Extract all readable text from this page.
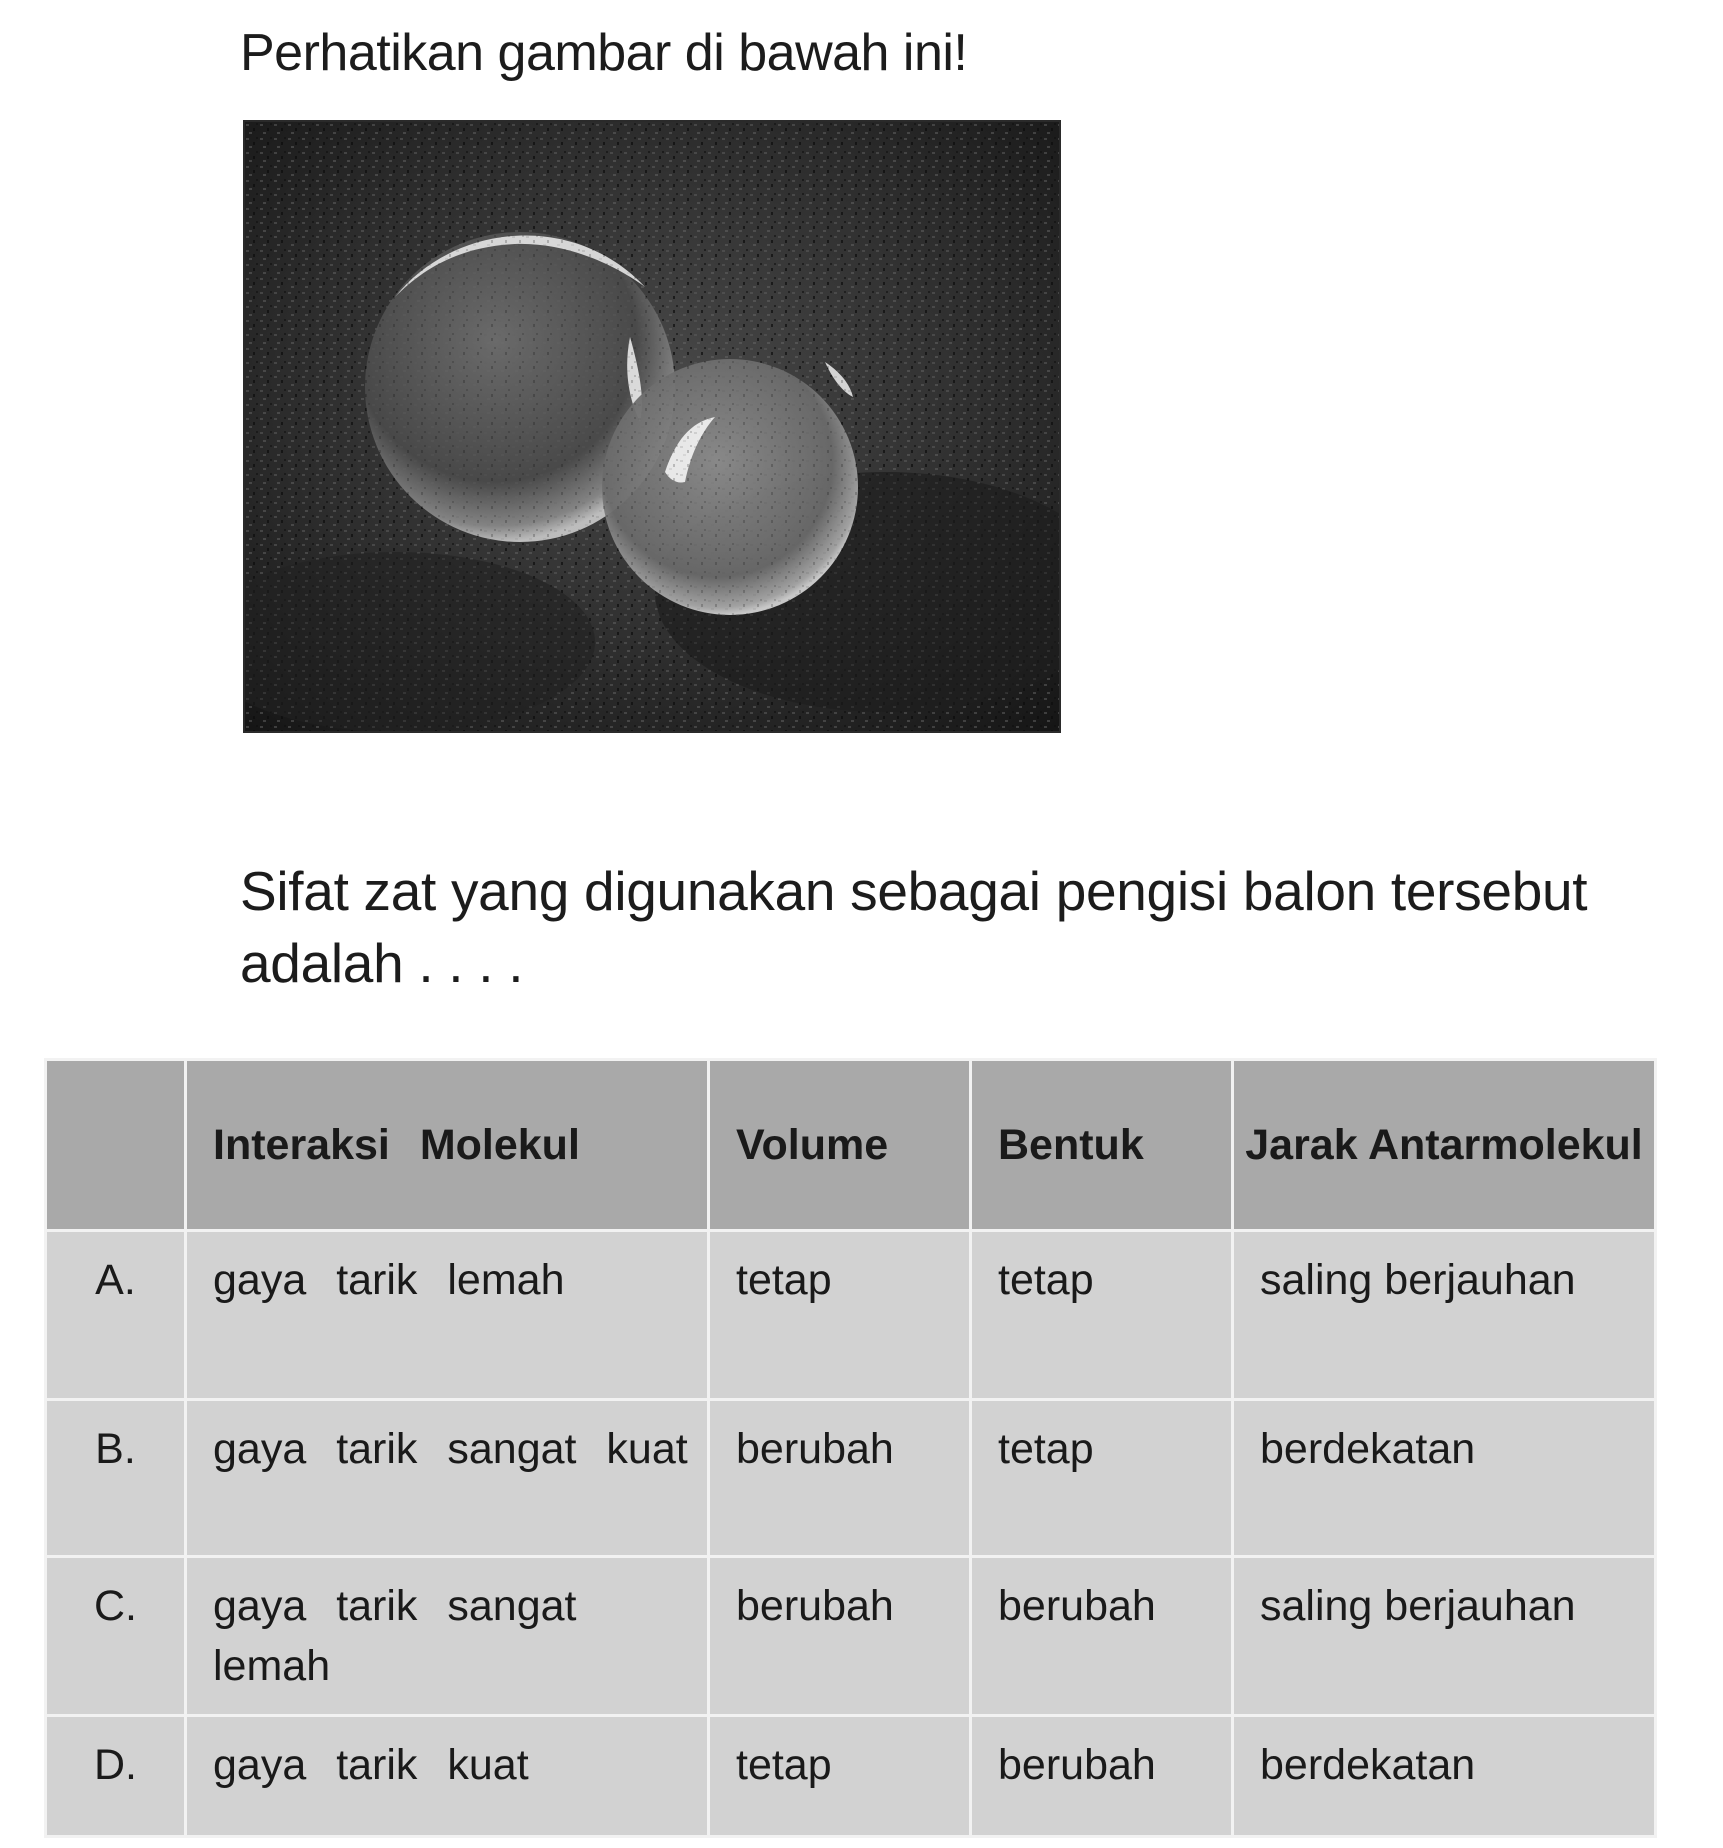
Perhatikan gambar di bawah ini!

Sifat zat yang digunakan sebagai pengisi balon tersebut adalah . . . .

	Interaksi Molekul	Volume	Bentuk	Jarak Antarmolekul
A.	gaya tarik lemah	tetap	tetap	saling berjauhan
B.	gaya tarik sangat kuat	berubah	tetap	berdekatan
C.	gaya tarik sangat lemah	berubah	berubah	saling berjauhan
D.	gaya tarik kuat	tetap	berubah	berdekatan
